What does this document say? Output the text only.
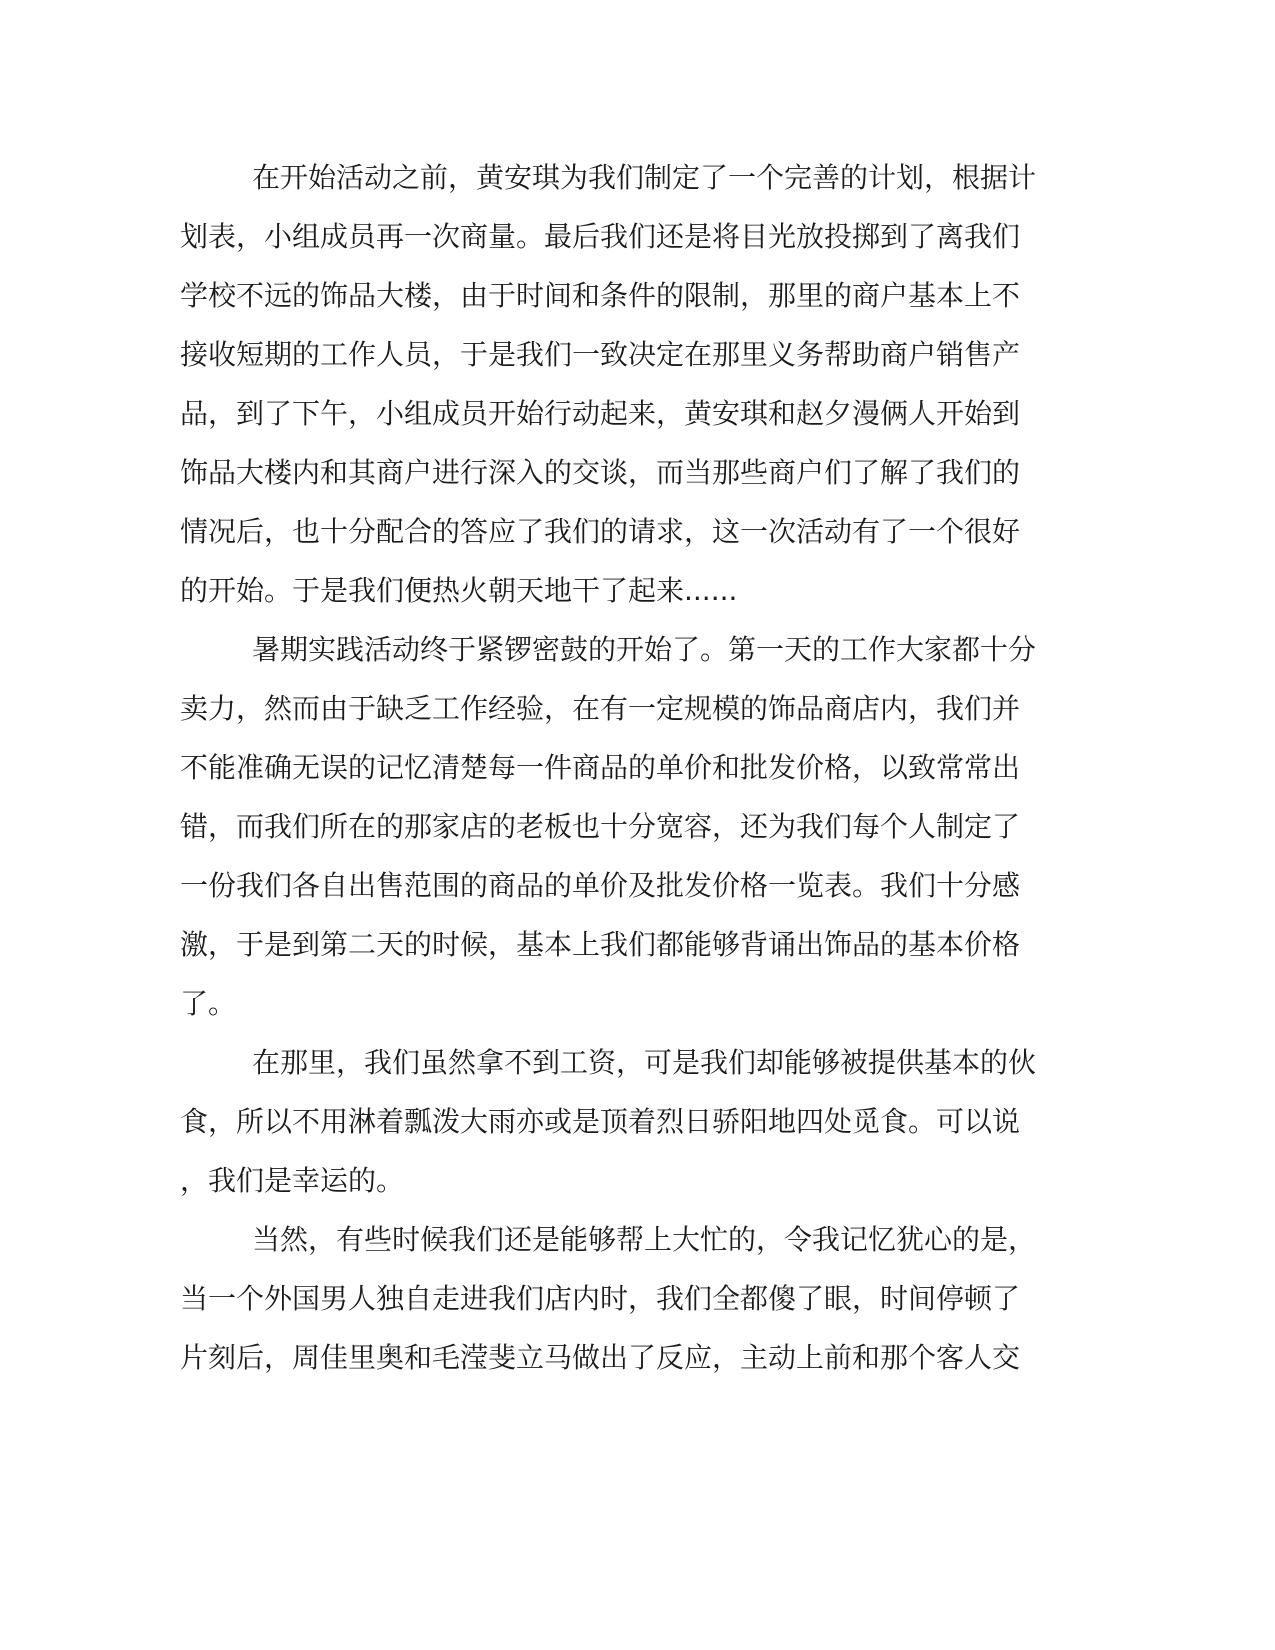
在开始活动之前，黄安琪为我们制定了一个完善的计划，根据计
划表，小组成员再一次商量。最后我们还是将目光放投掷到了离我们
学校不远的饰品大楼，由于时间和条件的限制，那里的商户基本上不
接收短期的工作人员，于是我们一致决定在那里义务帮助商户销售产
品，到了下午，小组成员开始行动起来，黄安琪和赵夕漫俩人开始到
饰品大楼内和其商户进行深入的交谈，而当那些商户们了解了我们的
情况后，也十分配合的答应了我们的请求，这一次活动有了一个很好
的开始。于是我们便热火朝天地干了起来......
暑期实践活动终于紧锣密鼓的开始了。第一天的工作大家都十分
卖力，然而由于缺乏工作经验，在有一定规模的饰品商店内，我们并
不能准确无误的记忆清楚每一件商品的单价和批发价格，以致常常出
错，而我们所在的那家店的老板也十分宽容，还为我们每个人制定了
一份我们各自出售范围的商品的单价及批发价格一览表。我们十分感
激，于是到第二天的时候，基本上我们都能够背诵出饰品的基本价格
了。
在那里，我们虽然拿不到工资，可是我们却能够被提供基本的伙
食，所以不用淋着瓢泼大雨亦或是顶着烈日骄阳地四处觅食。可以说
，我们是幸运的。
当然，有些时候我们还是能够帮上大忙的，令我记忆犹心的是，
当一个外国男人独自走进我们店内时，我们全都傻了眼，时间停顿了
片刻后，周佳里奥和毛滢斐立马做出了反应，主动上前和那个客人交
